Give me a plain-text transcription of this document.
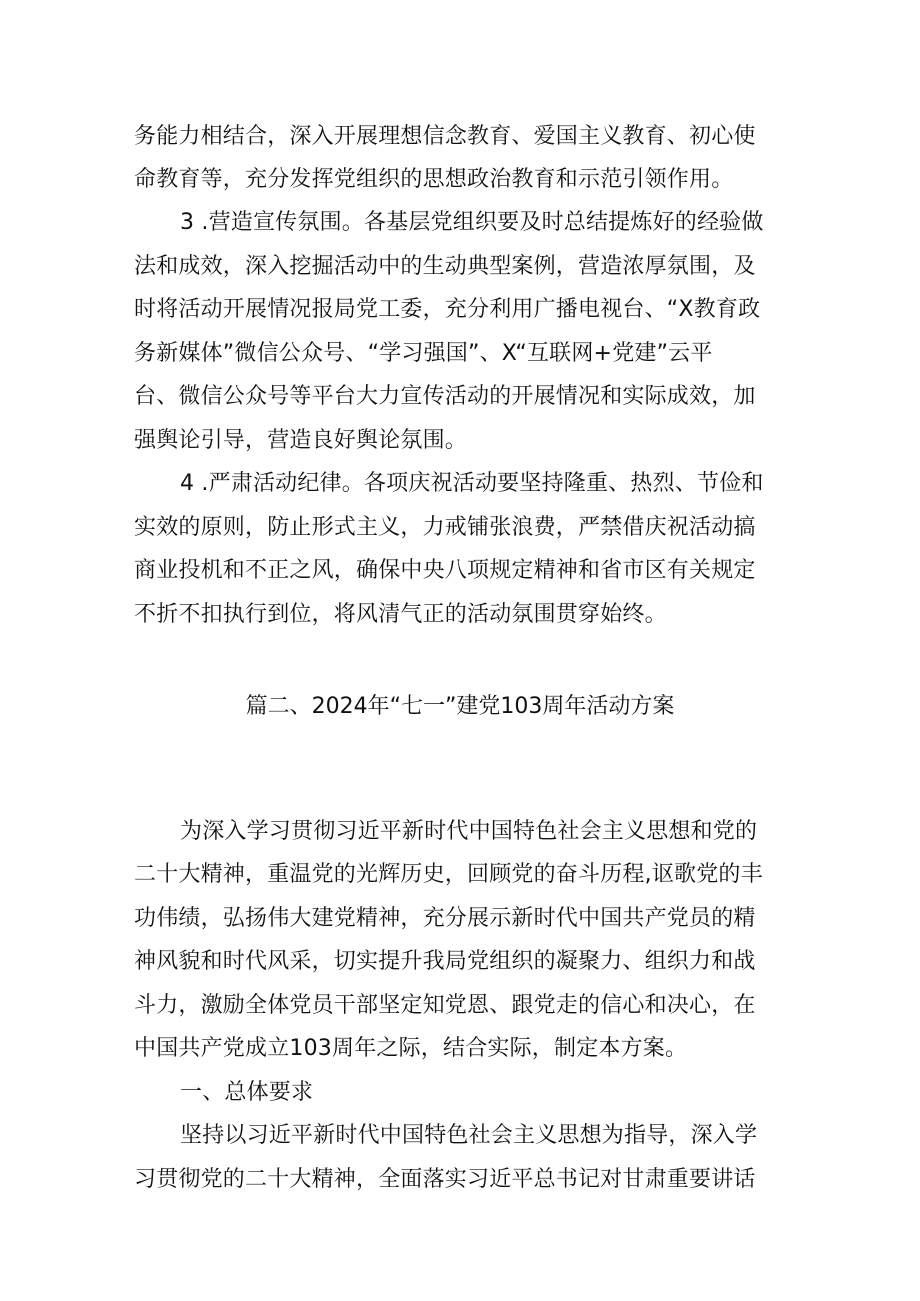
务能力相结合，深入开展理想信念教育、爱国主义教育、初心使
命教育等，充分发挥党组织的思想政治教育和示范引领作用。
3 .营造宣传氛围。各基层党组织要及时总结提炼好的经验做
法和成效，深入挖掘活动中的生动典型案例，营造浓厚氛围，及
时将活动开展情况报局党工委，充分利用广播电视台、“X教育政
务新媒体”微信公众号、“学习强国”、X“互联网+党建”云平
台、微信公众号等平台大力宣传活动的开展情况和实际成效，加
强舆论引导，营造良好舆论氛围。
4 .严肃活动纪律。各项庆祝活动要坚持隆重、热烈、节俭和
实效的原则，防止形式主义，力戒铺张浪费，严禁借庆祝活动搞
商业投机和不正之风，确保中央八项规定精神和省市区有关规定
不折不扣执行到位，将风清气正的活动氛围贯穿始终。
篇二、2024年“七一”建党103周年活动方案
为深入学习贯彻习近平新时代中国特色社会主义思想和党的
二十大精神，重温党的光辉历史，回顾党的奋斗历程,讴歌党的丰
功伟绩，弘扬伟大建党精神，充分展示新时代中国共产党员的精
神风貌和时代风采，切实提升我局党组织的凝聚力、组织力和战
斗力，激励全体党员干部坚定知党恩、跟党走的信心和决心，在
中国共产党成立103周年之际，结合实际，制定本方案。
一、总体要求
坚持以习近平新时代中国特色社会主义思想为指导，深入学
习贯彻党的二十大精神，全面落实习近平总书记对甘肃重要讲话
